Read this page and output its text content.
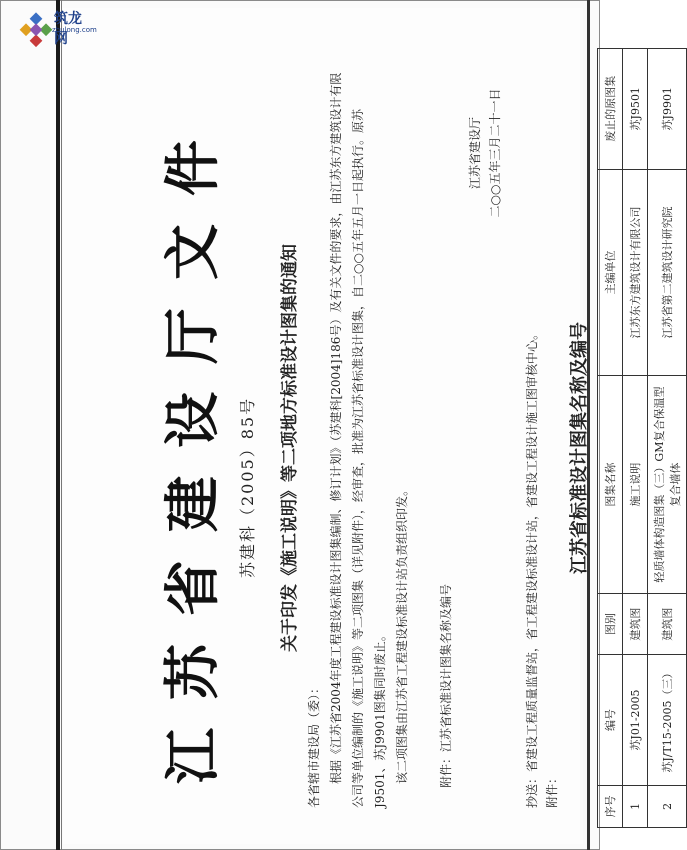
江苏省建设厅文件 苏建科（2005）85号 关于印发《施工说明》等二项地方标准设计图集的通知
各省辖市建设局（委）： 根据《江苏省2004年度工程建设标准设计图集编制、修订计划》（苏建科[2004]186号）及有关文件的要求，由江苏东方建筑设计有限公司等单位编制的《施工说明》等二项图集（详见附件），经审查，批准为江苏省标准设计图集，自二○○五年五月一日起执行。原苏J9501、苏J9901图集同时废止。 该二项图集由江苏省工程建设标准设计站负责组织印发。	附件：江苏省标准设计图集名称及编号
江苏省建设厅 二○○五年三月二十一日
抄送：省建设工程质量监督站，省工程建设标准设计站，省建设工程设计施工图审核中心。 附件：
江苏省标准设计图集名称及编号
序号	编号	图别	图集名称	主编单位	废止的原图集
1	苏J01-2005	建筑图	施工说明	江苏东方建筑设计有限公司	苏J9501
2	苏J/T15-2005（三）	建筑图	轻质墙体构造图集（三）GM复合保温型复合墙体	江苏省第二建筑设计研究院	苏J9901
筑龙网
zhulong.com
